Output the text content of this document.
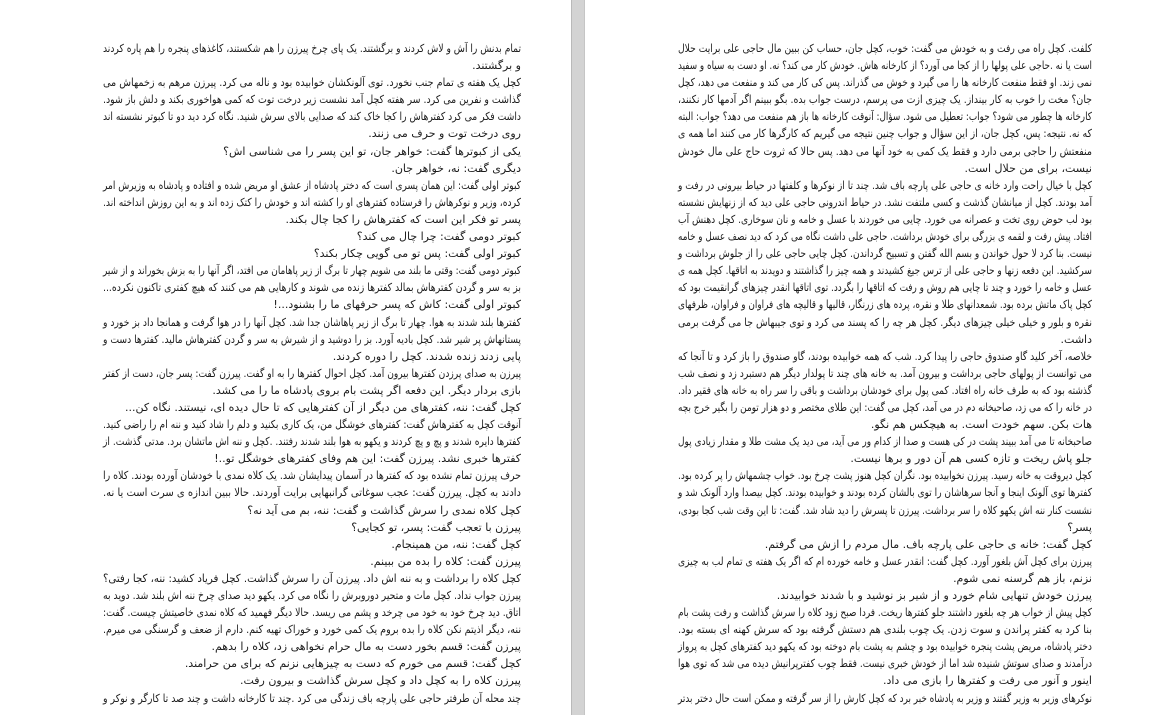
تمام بدنش را آش و لاش کردند و برگشتند. یک پای چرخ پیرزن را هم شکستند، کاغذهای پنجره را هم پاره کردند
و برگشتند.
کچل یک هفته ی تمام جنب نخورد. توی آلونکشان خوابیده بود و ناله می کرد. پیرزن مرهم به زخمهاش می
گذاشت و نفرین می کرد. سر هفته کچل آمد نشست زیر درخت توت که کمی هواخوری بکند و دلش باز شود.
داشت فکر می کرد کفترهاش را کجا خاک کند که صدایی بالای سرش شنید. نگاه کرد دید دو تا کبوتر نشسته اند
روی درخت توت و حرف می زنند.
یکی از کبوترها گفت: خواهر جان، تو این پسر را می شناسی اش؟
دیگری گفت: نه، خواهر جان.
کبوتر اولی گفت: این همان پسری است که دختر پادشاه از عشق او مریض شده و افتاده و پادشاه به وزیرش امر
کرده، وزیر و نوکرهاش را فرستاده کفترهای او را کشته اند و خودش را کتک زده اند و به این روزش انداخته اند.
پسر تو فکر این است که کفترهاش را کجا چال بکند.
کبوتر دومی گفت: چرا چال می کند؟
کبوتر اولی گفت: پس تو می گویی چکار بکند؟
کبوتر دومی گفت: وقتی ما بلند می شویم چهار تا برگ از زیر پاهامان می افتد، اگر آنها را به بزش بخوراند و از شیر
بز به سر و گردن کفترهاش بمالد کفترها زنده می شوند و کارهایی هم می کنند که هیچ کفتری تاکنون نکرده...
کبوتر اولی گفت: کاش که پسر حرفهای ما را بشنود...!
کفترها بلند شدند به هوا. چهار تا برگ از زیر پاهاشان جدا شد. کچل آنها را در هوا گرفت و همانجا داد بز خورد و
پستانهاش پر شیر شد. کچل بادیه آورد. بز را دوشید و از شیرش به سر و گردن کفترهاش مالید. کفترها دست و
پایی زدند زنده شدند. کچل را دوره کردند.
پیرزن به صدای پرزدن کفترها بیرون آمد. کچل احوال کفترها را به او گفت. پیرزن گفت: پسر جان، دست از کفتر
بازی بردار دیگر. این دفعه اگر پشت بام بروی پادشاه ما را می کشد.
کچل گفت: ننه، کفترهای من دیگر از آن کفترهایی که تا حال دیده ای، نیستند. نگاه کن...
آنوقت کچل به کفترهاش گفت: کفترهای خوشگل من، یک کاری بکنید و دلم را شاد کنید و ننه ام را راضی کنید.
کفترها دایره شدند و پچ و پچ کردند و یکهو به هوا بلند شدند رفتند. .کچل و ننه اش ماتشان برد. مدتی گذشت. از
کفترها خبری نشد. پیرزن گفت: این هم وفای کفترهای خوشگل تو..!
حرف پیرزن تمام نشده بود که کفترها در آسمان پیدایشان شد. یک کلاه نمدی با خودشان آورده بودند. کلاه را
دادند به کچل. پیرزن گفت: عجب سوغاتی گرانبهایی برایت آوردند. حالا ببین اندازه ی سرت است یا نه.
کچل کلاه نمدی را سرش گذاشت و گفت: ننه، بم می آید نه؟
پیرزن با تعجب گفت: پسر، تو کجایی؟
کچل گفت: ننه، من همینجام.
پیرزن گفت: کلاه را بده من ببینم.
کچل کلاه را برداشت و به ننه اش داد. پیرزن آن را سرش گذاشت. کچل فریاد کشید: ننه، کجا رفتی؟
پیرزن جواب نداد. کچل مات و متحیر دوروبرش را نگاه می کرد. یکهو دید صدای چرخ ننه اش بلند شد. دوید به
اتاق. دید چرخ خود به خود می چرخد و پشم می ریسد. حالا دیگر فهمید که کلاه نمدی خاصیتش چیست. گفت:
ننه، دیگر اذیتم نکن کلاه را بده بروم یک کمی خورد و خوراک تهیه کنم. دارم از ضعف و گرسنگی می میرم.
پیرزن گفت: قسم بخور دست به مال حرام نخواهی زد، کلاه را بدهم.
کچل گفت: قسم می خورم که دست به چیزهایی نزنم که برای من حرامند.
پیرزن کلاه را به کچل داد و کچل سرش گذاشت و بیرون رفت.
چند محله آن طرفتر حاجی علی پارچه باف زندگی می کرد .چند تا کارخانه داشت و چند صد تا کارگر و نوکر و
کلفت. کچل راه می رفت و به خودش می گفت: خوب، کچل جان، حساب کن ببین مال حاجی علی برایت حلال
است یا نه .حاجی علی پولها را از کجا می آورد؟ از کارخانه هاش. خودش کار می کند؟ نه. او دست به سیاه و سفید
نمی زند. او فقط منفعت کارخانه ها را می گیرد و خوش می گذراند. پس کی کار می کند و منفعت می دهد، کچل
جان؟ مخت را خوب به کار بینداز. یک چیزی ازت می پرسم، درست جواب بده. بگو ببینم اگر آدمها کار نکنند،
کارخانه ها چطور می شود؟ جواب: تعطیل می شود. سؤال: آنوقت کارخانه ها باز هم منفعت می دهد؟ جواب: البته
که نه. نتیجه: پس، کچل جان، از این سؤال و جواب چنین نتیجه می گیریم که کارگرها کار می کنند اما همه ی
منفعتش را حاجی برمی دارد و فقط یک کمی به خود آنها می دهد. پس حالا که ثروت حاج علی مال خودش
نیست، برای من حلال است.
کچل با خیال راحت وارد خانه ی حاجی علی پارچه باف شد. چند تا از نوکرها و کلفتها در حیاط بیرونی در رفت و
آمد بودند. کچل از میانشان گذشت و کسی ملتفت نشد. در حیاط اندرونی حاجی علی دید که از زنهایش نشسته
بود لب حوض روی تخت و عصرانه می خورد. چایی می خوردند با عسل و خامه و نان سوخاری. کچل دهنش آب
افتاد. پیش رفت و لقمه ی بزرگی برای خودش برداشت. حاجی علی داشت نگاه می کرد که دید نصف عسل و خامه
نیست. بنا کرد لا حول خواندن و بسم الله گفتن و تسبیح گرداندن. کچل چایی حاجی علی را از جلوش برداشت و
سرکشید. این دفعه زنها و حاجی علی از ترس جیغ کشیدند و همه چیز را گذاشتند و دویدند به اتاقها. کچل همه ی
عسل و خامه را خورد و چند تا چایی هم روش و رفت که اتاقها را بگردد. توی اتاقها انقدر چیزهای گرانقیمت بود که
کچل پاک ماتش برده بود. شمعدانهای طلا و نقره، پرده های زرنگار، قالیها و قالیچه های فراوان و فراوان، ظرفهای
نقره و بلور و خیلی خیلی چیزهای دیگر. کچل هر چه را که پسند می کرد و توی جیبهاش جا می گرفت برمی
داشت.
خلاصه، آخر کلید گاو صندوق حاجی را پیدا کرد. شب که همه خوابیده بودند، گاو صندوق را باز کرد و تا آنجا که
می توانست از پولهای حاجی برداشت و بیرون آمد. به خانه های چند تا پولدار دیگر هم دستبرد زد و نصف شب
گذشته بود که به طرف خانه راه افتاد. کمی پول برای خودشان برداشت و باقی را سر راه به خانه های فقیر داد.
در خانه را که می زد، صاحبخانه دم در می آمد، کچل می گفت: این طلای مختصر و دو هزار تومن را بگیر خرج بچه
هات بکن. سهم خودت است. به هیچکس هم نگو.
صاحبخانه تا می آمد ببیند پشت در کی هست و صدا از کدام ور می آید، می دید یک مشت طلا و مقدار زیادی پول
جلو پاش ریخت و تازه کسی هم آن دور و برها نیست.
کچل دیروقت به خانه رسید. پیرزن نخوابیده بود. نگران کچل هنوز پشت چرخ بود. خواب چشمهاش را پر کرده بود.
کفترها توی آلونک اینجا و آنجا سرهاشان را توی بالشان کرده بودند و خوابیده بودند. کچل بیصدا وارد آلونک شد و
نشست کنار ننه اش یکهو کلاه را سر برداشت. پیرزن تا پسرش را دید شاد شد. گفت: تا این وقت شب کجا بودی،
پسر؟
کچل گفت: خانه ی حاجی علی پارچه باف. مال مردم را ازش می گرفتم.
پیرزن برای کچل آش بلغور آورد. کچل گفت: انقدر عسل و خامه خورده ام که اگر یک هفته ی تمام لب به چیزی
نزنم، باز هم گرسنه نمی شوم.
پیرزن خودش تنهایی شام خورد و از شیر بز نوشید و با شدند خوابیدند.
کچل پیش از خواب هر چه بلغور داشتند جلو کفترها ریخت. فردا صبح زود کلاه را سرش گذاشت و رفت پشت بام
بنا کرد به کفتر پراندن و سوت زدن. یک چوب بلندی هم دستش گرفته بود که سرش کهنه ای بسته بود.
دختر پادشاه، مریض پشت پنجره خوابیده بود و چشم به پشت بام دوخته بود که یکهو دید کفترهای کچل به پرواز
درآمدند و صدای سوتش شنیده شد اما از خودش خبری نیست. فقط چوب کفترپرانیش دیده می شد که توی هوا
اینور و آنور می رفت و کفترها را بازی می داد.
نوکرهای وزیر به وزیر گفتند و وزیر به پادشاه خبر برد که کچل کارش را از سر گرفته و ممکن است حال دختر بدتر
